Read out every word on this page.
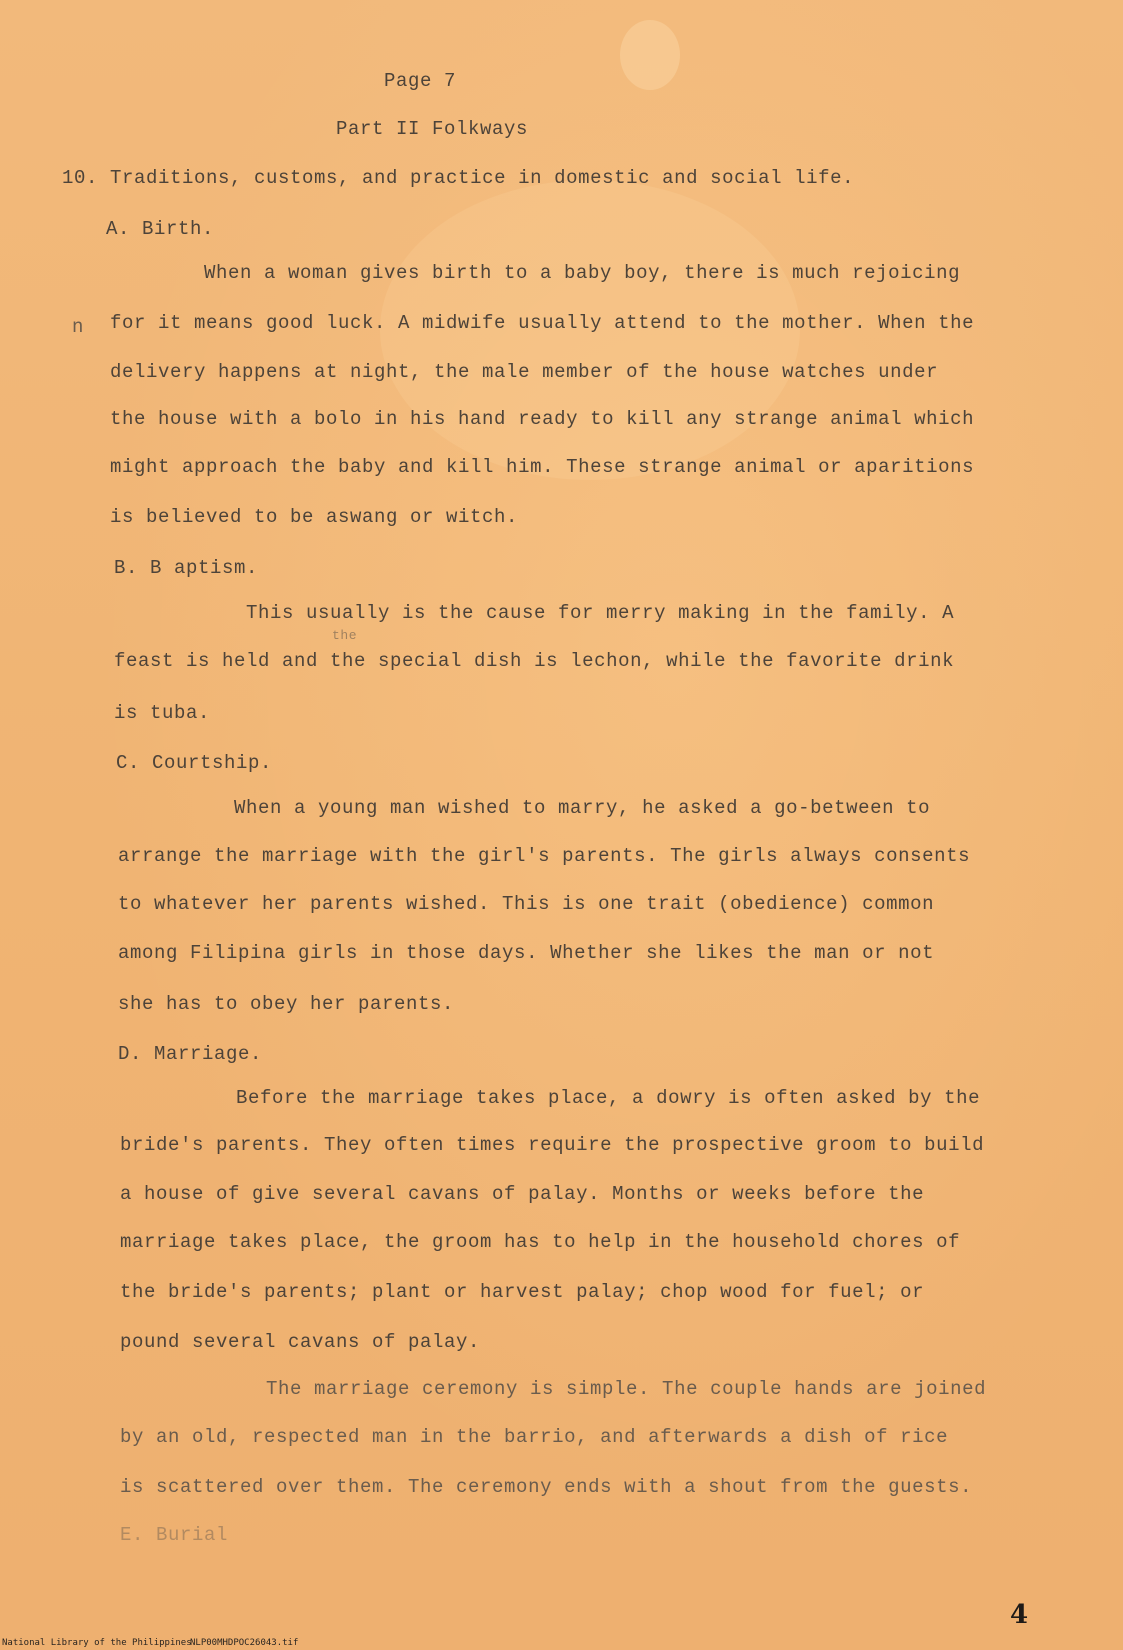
Page 7
Part II Folkways
10. Traditions, customs, and practice in domestic and social life.
A. Birth.
When a woman gives birth to a baby boy, there is much rejoicing
n for it means good luck. A midwife usually attend to the mother. When the
delivery happens at night, the male member of the house watches under
the house with a bolo in his hand ready to kill any strange animal which
might approach the baby and kill him. These strange animal or aparitions
is believed to be aswang or witch.
B. B aptism.
This usually is the cause for merry making in the family. A
the
feast is held and the special dish is lechon, while the favorite drink
is tuba.
C. Courtship.
When a young man wished to marry, he asked a go-between to
arrange the marriage with the girl's parents. The girls always consents
to whatever her parents wished. This is one trait (obedience) common
among Filipina girls in those days. Whether she likes the man or not
she has to obey her parents.
D. Marriage.
Before the marriage takes place, a dowry is often asked by the
bride's parents. They often times require the prospective groom to build
a house of give several cavans of palay. Months or weeks before the
marriage takes place, the groom has to help in the household chores of
the bride's parents; plant or harvest palay; chop wood for fuel; or
pound several cavans of palay.
The marriage ceremony is simple. The couple hands are joined
by an old, respected man in the barrio, and afterwards a dish of rice
is scattered over them. The ceremony ends with a shout from the guests.
E. Burial
National Library of the Philippines
NLP00MHDPOC26043.tif
4
